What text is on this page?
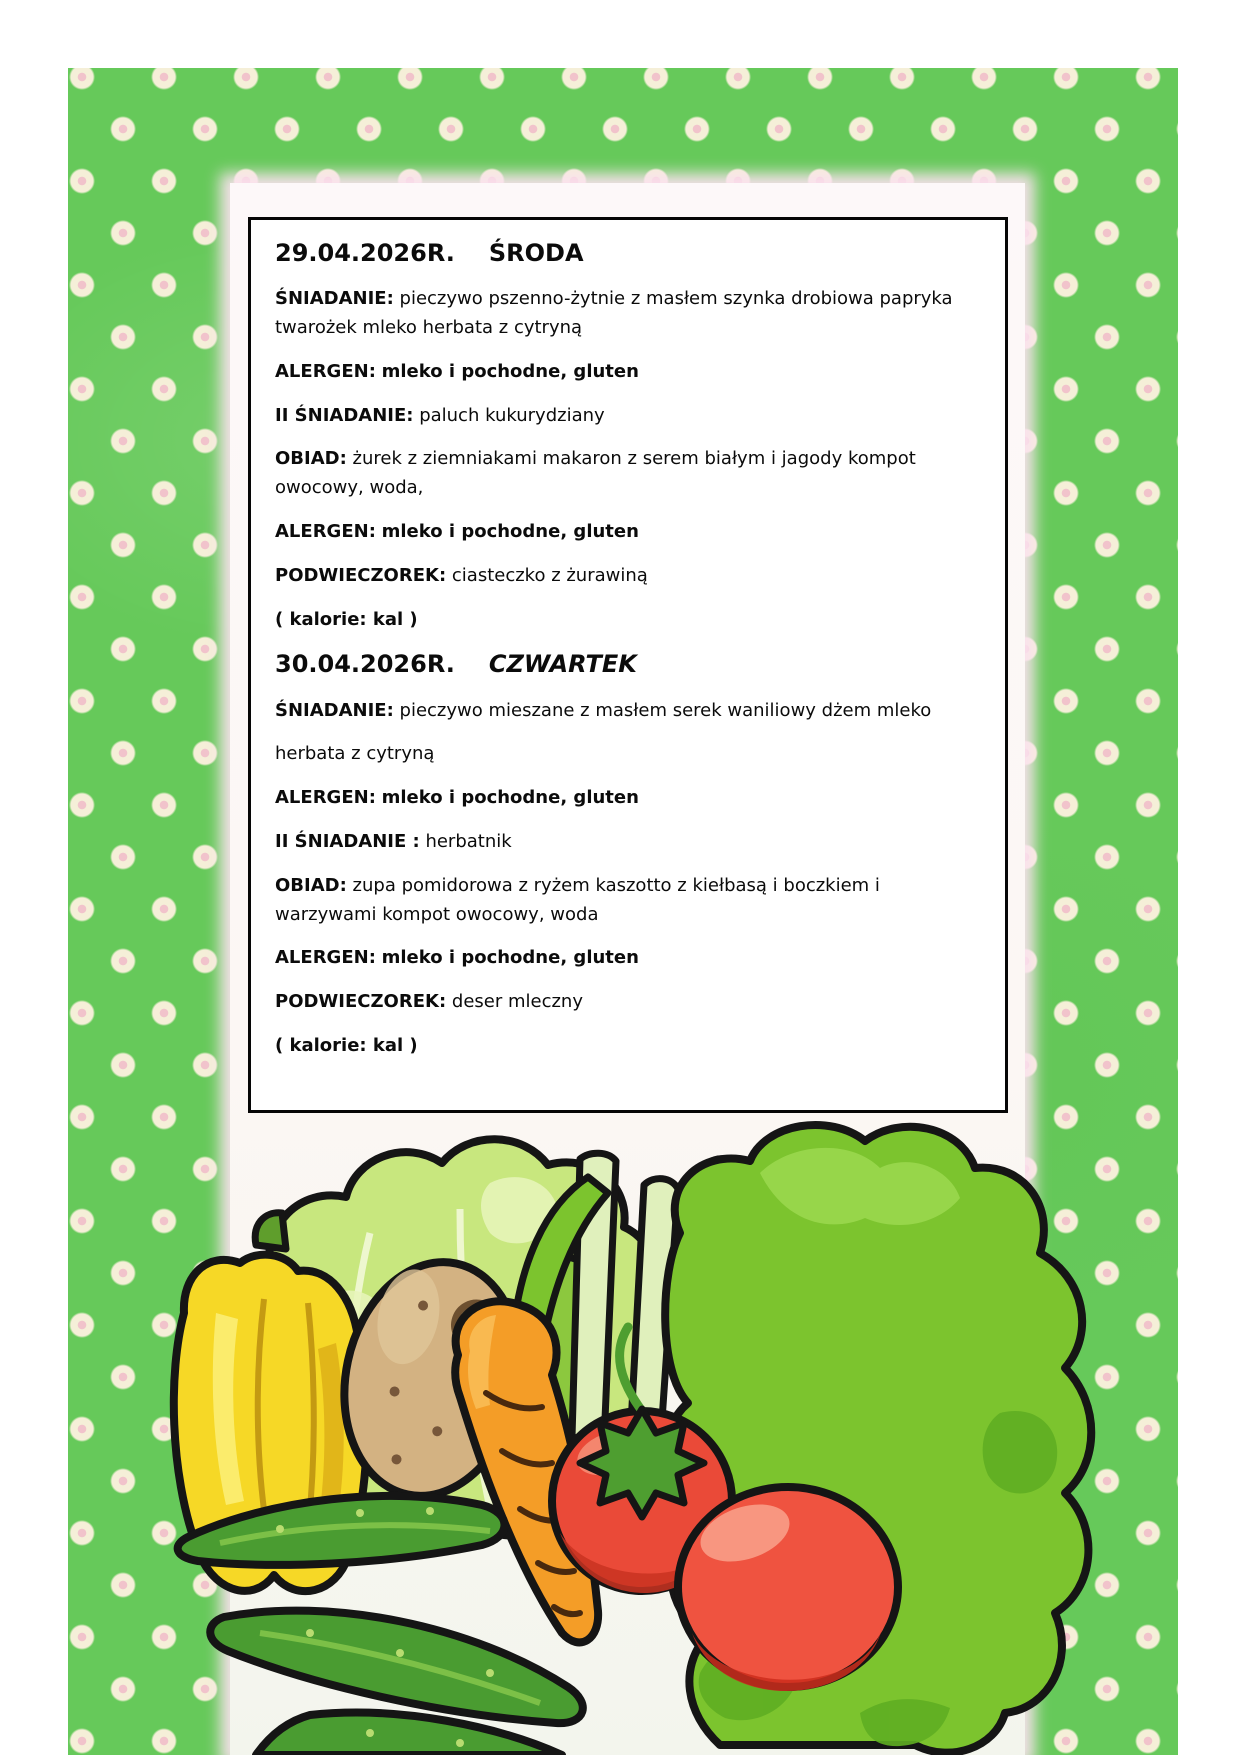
29.04.2026R. ŚRODA

ŚNIADANIE: pieczywo pszenno-żytnie z masłem szynka drobiowa papryka twarożek mleko herbata z cytryną

ALERGEN: mleko i pochodne, gluten

II ŚNIADANIE: paluch kukurydziany

OBIAD: żurek z ziemniakami makaron z serem białym i jagody kompot owocowy, woda,

ALERGEN: mleko i pochodne, gluten

PODWIECZOREK: ciasteczko z żurawiną

( kalorie: kal )

30.04.2026R. CZWARTEK

ŚNIADANIE: pieczywo mieszane z masłem serek waniliowy dżem mleko

herbata z cytryną

ALERGEN: mleko i pochodne, gluten

II ŚNIADANIE : herbatnik

OBIAD: zupa pomidorowa z ryżem kaszotto z kiełbasą i boczkiem i warzywami kompot owocowy, woda

ALERGEN: mleko i pochodne, gluten

PODWIECZOREK: deser mleczny

( kalorie: kal )
